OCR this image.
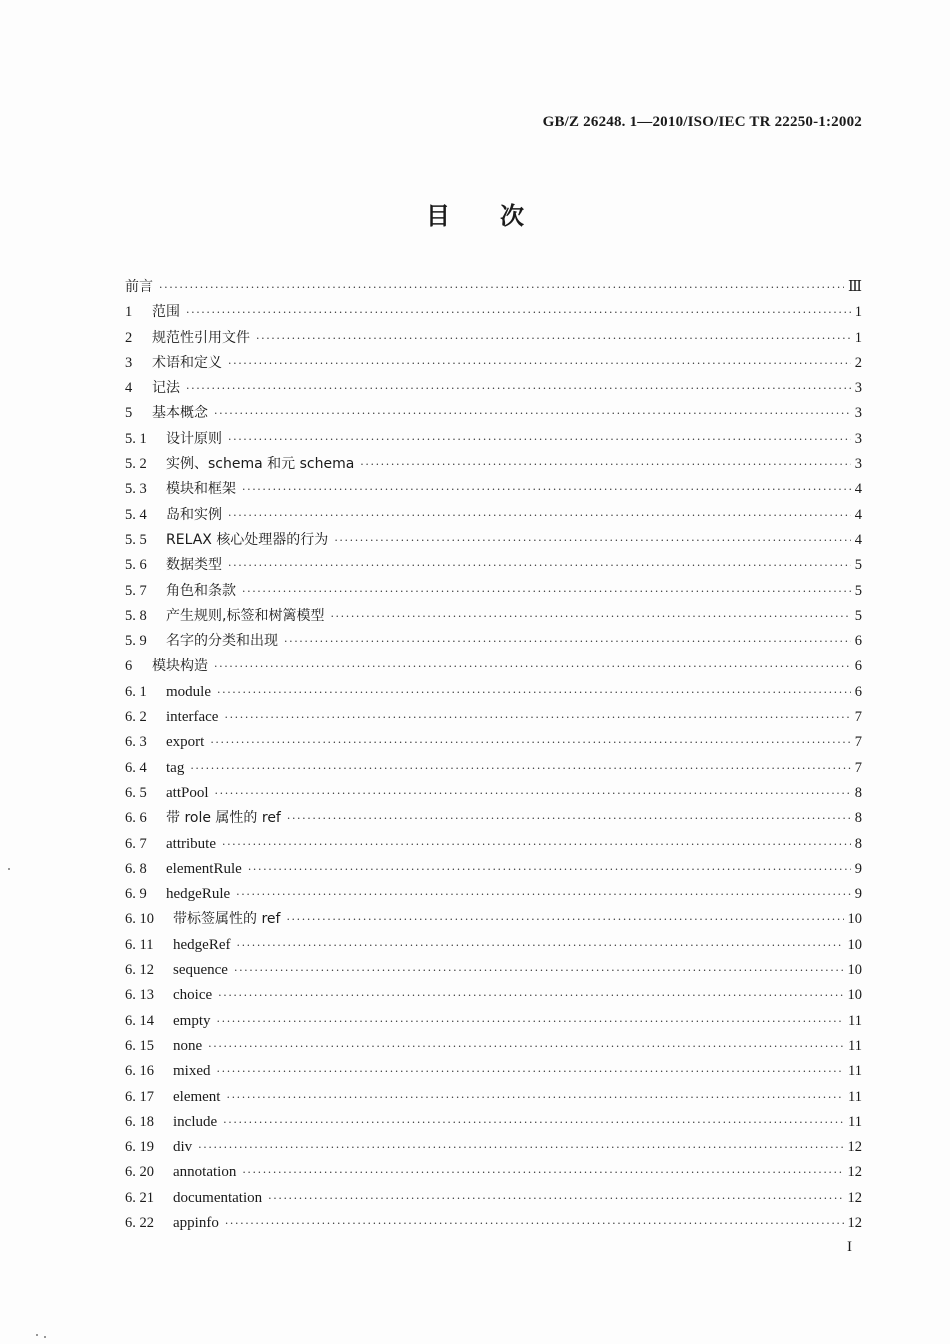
GB/Z 26248. 1—2010/ISO/IEC TR 22250-1:2002
目次
前言 ·····	Ⅲ
1	范围 ·····	1
2	规范性引用文件 ·····	1
3	术语和定义 ·····	2
4	记法 ·····	3
5	基本概念 ·····	3
5. 1	设计原则 ·····	3
5. 2	实例、schema 和元 schema ·····	3
5. 3	模块和框架 ·····	4
5. 4	岛和实例 ·····	4
5. 5	RELAX 核心处理器的行为 ·····	4
5. 6	数据类型 ·····	5
5. 7	角色和条款 ·····	5
5. 8	产生规则,标签和树篱模型 ·····	5
5. 9	名字的分类和出现 ·····	6
6	模块构造 ·····	6
6. 1	module ·····	6
6. 2	interface ·····	7
6. 3	export ·····	7
6. 4	tag ·····	7
6. 5	attPool ·····	8
6. 6	带 role 属性的 ref ·····	8
6. 7	attribute ·····	8
6. 8	elementRule ·····	9
6. 9	hedgeRule ·····	9
6. 10	带标签属性的 ref ·····	10
6. 11	hedgeRef ·····	10
6. 12	sequence ·····	10
6. 13	choice ·····	10
6. 14	empty ·····	11
6. 15	none ·····	11
6. 16	mixed ·····	11
6. 17	element ·····	11
6. 18	include ·····	11
6. 19	div ·····	12
6. 20	annotation ·····	12
6. 21	documentation ·····	12
6. 22	appinfo ·····	12
I
